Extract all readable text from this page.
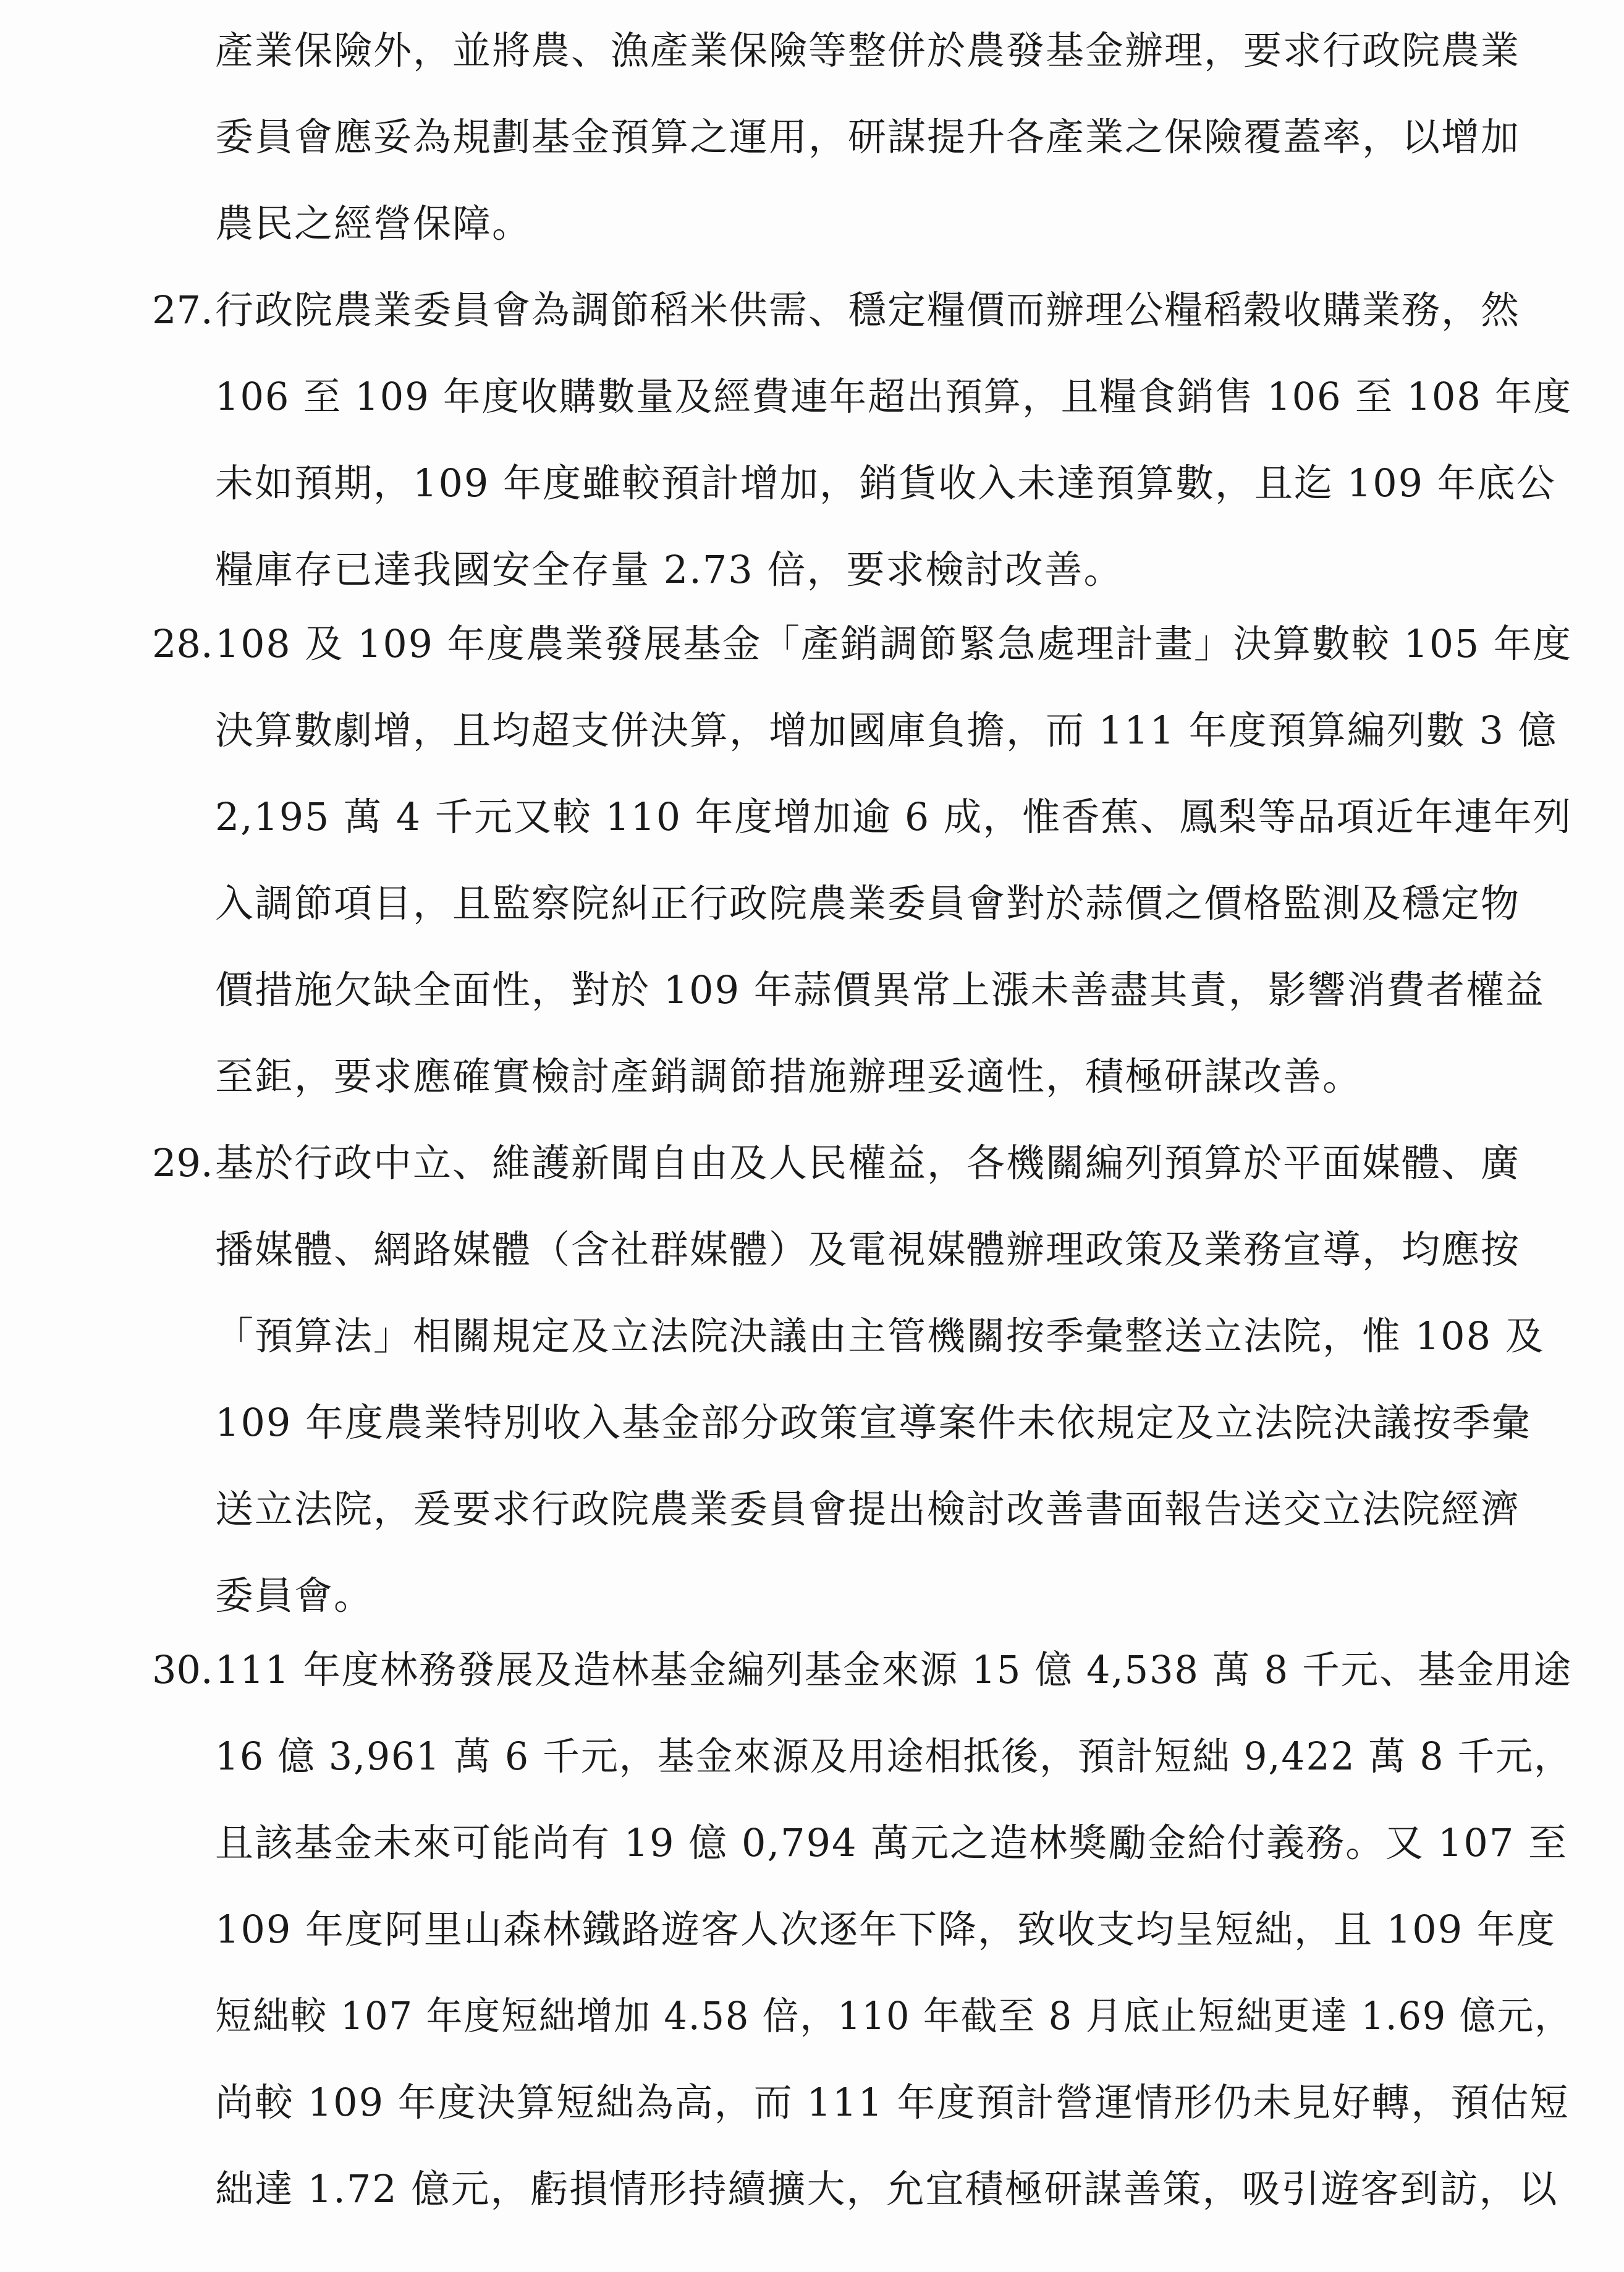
產業保險外，並將農、漁產業保險等整併於農發基金辦理，要求行政院農業
委員會應妥為規劃基金預算之運用，研謀提升各產業之保險覆蓋率，以增加
農民之經營保障。
27. 行政院農業委員會為調節稻米供需、穩定糧價而辦理公糧稻穀收購業務，然
106 至 109 年度收購數量及經費連年超出預算，且糧食銷售 106 至 108 年度
未如預期，109 年度雖較預計增加，銷貨收入未達預算數，且迄 109 年底公
糧庫存已達我國安全存量 2.73 倍，要求檢討改善。
28. 108 及 109 年度農業發展基金「產銷調節緊急處理計畫」決算數較 105 年度
決算數劇增，且均超支併決算，增加國庫負擔，而 111 年度預算編列數 3 億
2,195 萬 4 千元又較 110 年度增加逾 6 成，惟香蕉、鳳梨等品項近年連年列
入調節項目，且監察院糾正行政院農業委員會對於蒜價之價格監測及穩定物
價措施欠缺全面性，對於 109 年蒜價異常上漲未善盡其責，影響消費者權益
至鉅，要求應確實檢討產銷調節措施辦理妥適性，積極研謀改善。
29. 基於行政中立、維護新聞自由及人民權益，各機關編列預算於平面媒體、廣
播媒體、網路媒體（含社群媒體）及電視媒體辦理政策及業務宣導，均應按
「預算法」相關規定及立法院決議由主管機關按季彙整送立法院，惟 108 及
109 年度農業特別收入基金部分政策宣導案件未依規定及立法院決議按季彙
送立法院，爰要求行政院農業委員會提出檢討改善書面報告送交立法院經濟
委員會。
30. 111 年度林務發展及造林基金編列基金來源 15 億 4,538 萬 8 千元、基金用途
16 億 3,961 萬 6 千元，基金來源及用途相抵後，預計短絀 9,422 萬 8 千元，
且該基金未來可能尚有 19 億 0,794 萬元之造林獎勵金給付義務。又 107 至
109 年度阿里山森林鐵路遊客人次逐年下降，致收支均呈短絀，且 109 年度
短絀較 107 年度短絀增加 4.58 倍，110 年截至 8 月底止短絀更達 1.69 億元，
尚較 109 年度決算短絀為高，而 111 年度預計營運情形仍未見好轉，預估短
絀達 1.72 億元，虧損情形持續擴大，允宜積極研謀善策，吸引遊客到訪，以
